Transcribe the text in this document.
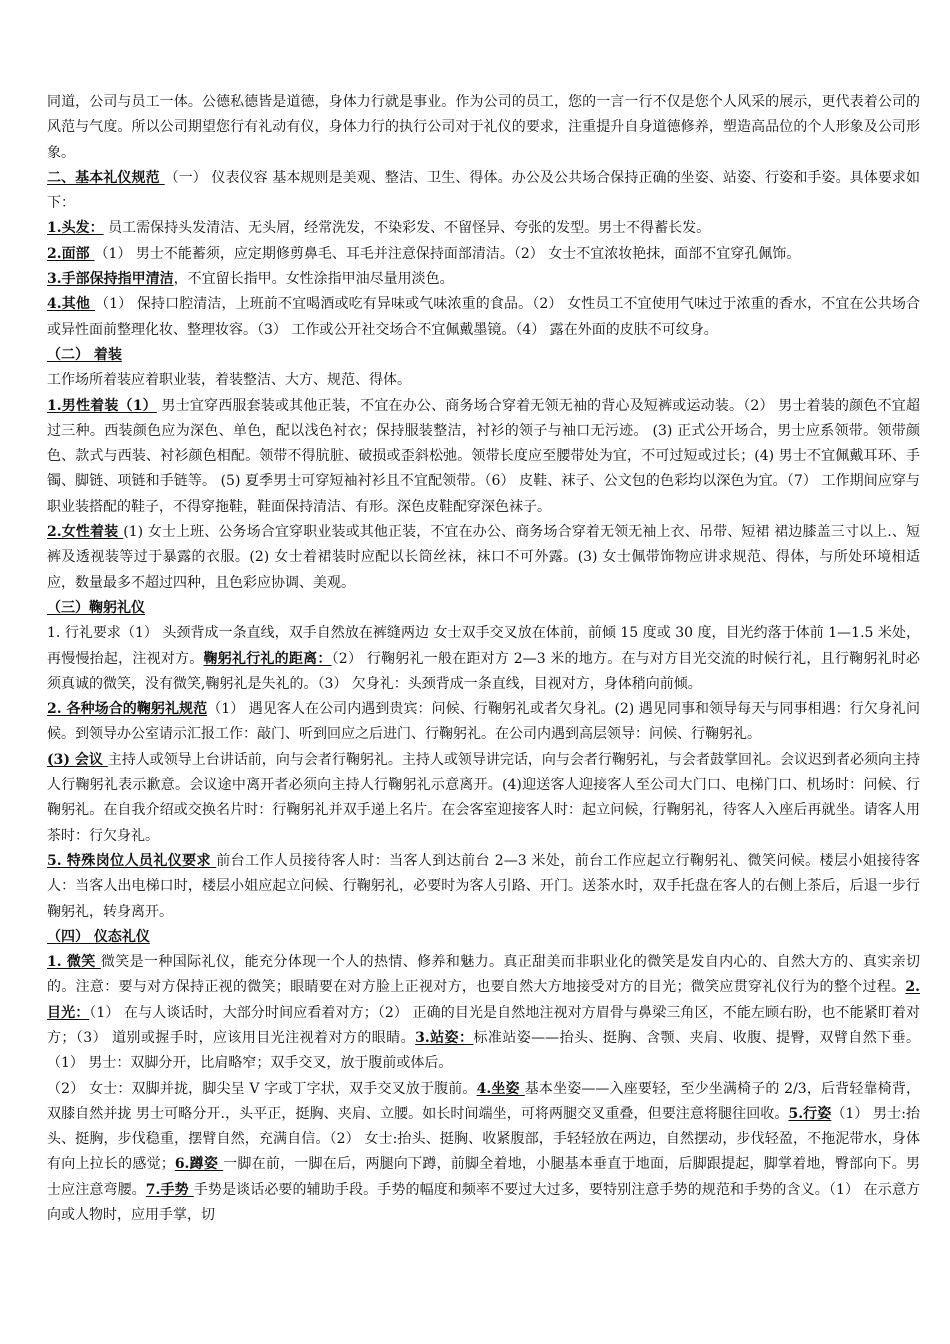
同道，公司与员工一体。公德私德皆是道德，身体力行就是事业。作为公司的员工，您的一言一行不仅是您个人风采的展示，更代表着公司的风范与气度。所以公司期望您行有礼动有仪，身体力行的执行公司对于礼仪的要求，注重提升自身道德修养，塑造高品位的个人形象及公司形象。

二、基本礼仪规范 （一） 仪表仪容 基本规则是美观、整洁、卫生、得体。办公及公共场合保持正确的坐姿、站姿、行姿和手姿。具体要求如下：

1.头发： 员工需保持头发清洁、无头屑，经常洗发，不染彩发、不留怪异、夸张的发型。男士不得蓄长发。

2.面部 （1） 男士不能蓄须，应定期修剪鼻毛、耳毛并注意保持面部清洁。（2） 女士不宜浓妆艳抹，面部不宜穿孔佩饰。

3.手部保持指甲清洁，不宜留长指甲。女性涂指甲油尽量用淡色。

4.其他 （1） 保持口腔清洁，上班前不宜喝酒或吃有异味或气味浓重的食品。（2） 女性员工不宜使用气味过于浓重的香水，不宜在公共场合或异性面前整理化妆、整理妆容。（3） 工作或公开社交场合不宜佩戴墨镜。（4） 露在外面的皮肤不可纹身。

（二） 着装

工作场所着装应着职业装，着装整洁、大方、规范、得体。

1.男性着装（1） 男士宜穿西服套装或其他正装，不宜在办公、商务场合穿着无领无袖的背心及短裤或运动装。（2） 男士着装的颜色不宜超过三种。西装颜色应为深色、单色，配以浅色衬衣；保持服装整洁，衬衫的领子与袖口无污迹。 (3) 正式公开场合，男士应系领带。领带颜色、款式与西装、衬衫颜色相配。领带不得肮脏、破损或歪斜松弛。领带长度应至腰带处为宜，不可过短或过长；(4) 男士不宜佩戴耳环、手镯、脚链、项链和手链等。 (5) 夏季男士可穿短袖衬衫且不宜配领带。（6） 皮鞋、袜子、公文包的色彩均以深色为宜。（7） 工作期间应穿与职业装搭配的鞋子，不得穿拖鞋，鞋面保持清洁、有形。深色皮鞋配穿深色袜子。

2.女性着装 (1) 女士上班、公务场合宜穿职业装或其他正装，不宜在办公、商务场合穿着无领无袖上衣、吊带、短裙 裙边膝盖三寸以上.、短裤及透视装等过于暴露的衣服。(2) 女士着裙装时应配以长筒丝袜，袜口不可外露。(3) 女士佩带饰物应讲求规范、得体，与所处环境相适应，数量最多不超过四种，且色彩应协调、美观。

（三）鞠躬礼仪

1. 行礼要求（1） 头颈背成一条直线，双手自然放在裤缝两边 女士双手交叉放在体前，前倾 15 度或 30 度，目光约落于体前 1—1.5 米处，再慢慢抬起，注视对方。鞠躬礼行礼的距离：（2） 行鞠躬礼一般在距对方 2—3 米的地方。在与对方目光交流的时候行礼，且行鞠躬礼时必须真诚的微笑，没有微笑,鞠躬礼是失礼的。（3） 欠身礼：头颈背成一条直线，目视对方，身体稍向前倾。

2. 各种场合的鞠躬礼规范（1） 遇见客人在公司内遇到贵宾：问候、行鞠躬礼或者欠身礼。(2) 遇见同事和领导每天与同事相遇：行欠身礼问候。到领导办公室请示汇报工作：敲门、听到回应之后进门、行鞠躬礼。在公司内遇到高层领导：问候、行鞠躬礼。

(3) 会议 主持人或领导上台讲话前，向与会者行鞠躬礼。主持人或领导讲完话，向与会者行鞠躬礼，与会者鼓掌回礼。会议迟到者必须向主持人行鞠躬礼表示歉意。会议途中离开者必须向主持人行鞠躬礼示意离开。(4)迎送客人迎接客人至公司大门口、电梯门口、机场时：问候、行鞠躬礼。在自我介绍或交换名片时：行鞠躬礼并双手递上名片。在会客室迎接客人时：起立问候，行鞠躬礼，待客人入座后再就坐。请客人用茶时：行欠身礼。

5. 特殊岗位人员礼仪要求 前台工作人员接待客人时：当客人到达前台 2—3 米处，前台工作应起立行鞠躬礼、微笑问候。楼层小姐接待客人：当客人出电梯口时，楼层小姐应起立问候、行鞠躬礼，必要时为客人引路、开门。送茶水时，双手托盘在客人的右侧上茶后，后退一步行鞠躬礼，转身离开。

（四） 仪态礼仪

1. 微笑 微笑是一种国际礼仪，能充分体现一个人的热情、修养和魅力。真正甜美而非职业化的微笑是发自内心的、自然大方的、真实亲切的。注意：要与对方保持正视的微笑；眼睛要在对方脸上正视对方，也要自然大方地接受对方的目光；微笑应贯穿礼仪行为的整个过程。2. 目光：（1） 在与人谈话时，大部分时间应看着对方；（2） 正确的目光是自然地注视对方眉骨与鼻梁三角区，不能左顾右盼，也不能紧盯着对方；（3） 道别或握手时，应该用目光注视着对方的眼睛。3.站姿：标准站姿——抬头、挺胸、含颚、夹肩、收腹、提臀，双臂自然下垂。（1） 男士：双脚分开，比肩略窄；双手交叉，放于腹前或体后。

（2） 女士：双脚并拢，脚尖呈 V 字或丁字状，双手交叉放于腹前。4.坐姿 基本坐姿——入座要轻，至少坐满椅子的 2/3，后背轻靠椅背，双膝自然并拢 男士可略分开.，头平正，挺胸、夹肩、立腰。如长时间端坐，可将两腿交叉重叠，但要注意将腿往回收。5.行姿（1） 男士:抬头、挺胸，步伐稳重，摆臂自然，充满自信。（2） 女士:抬头、挺胸、收紧腹部，手轻轻放在两边，自然摆动，步伐轻盈，不拖泥带水，身体有向上拉长的感觉；6.蹲姿 一脚在前，一脚在后，两腿向下蹲，前脚全着地，小腿基本垂直于地面，后脚跟提起，脚掌着地，臀部向下。男士应注意弯腰。7.手势 手势是谈话必要的辅助手段。手势的幅度和频率不要过大过多，要特别注意手势的规范和手势的含义。（1） 在示意方向或人物时，应用手掌，切
